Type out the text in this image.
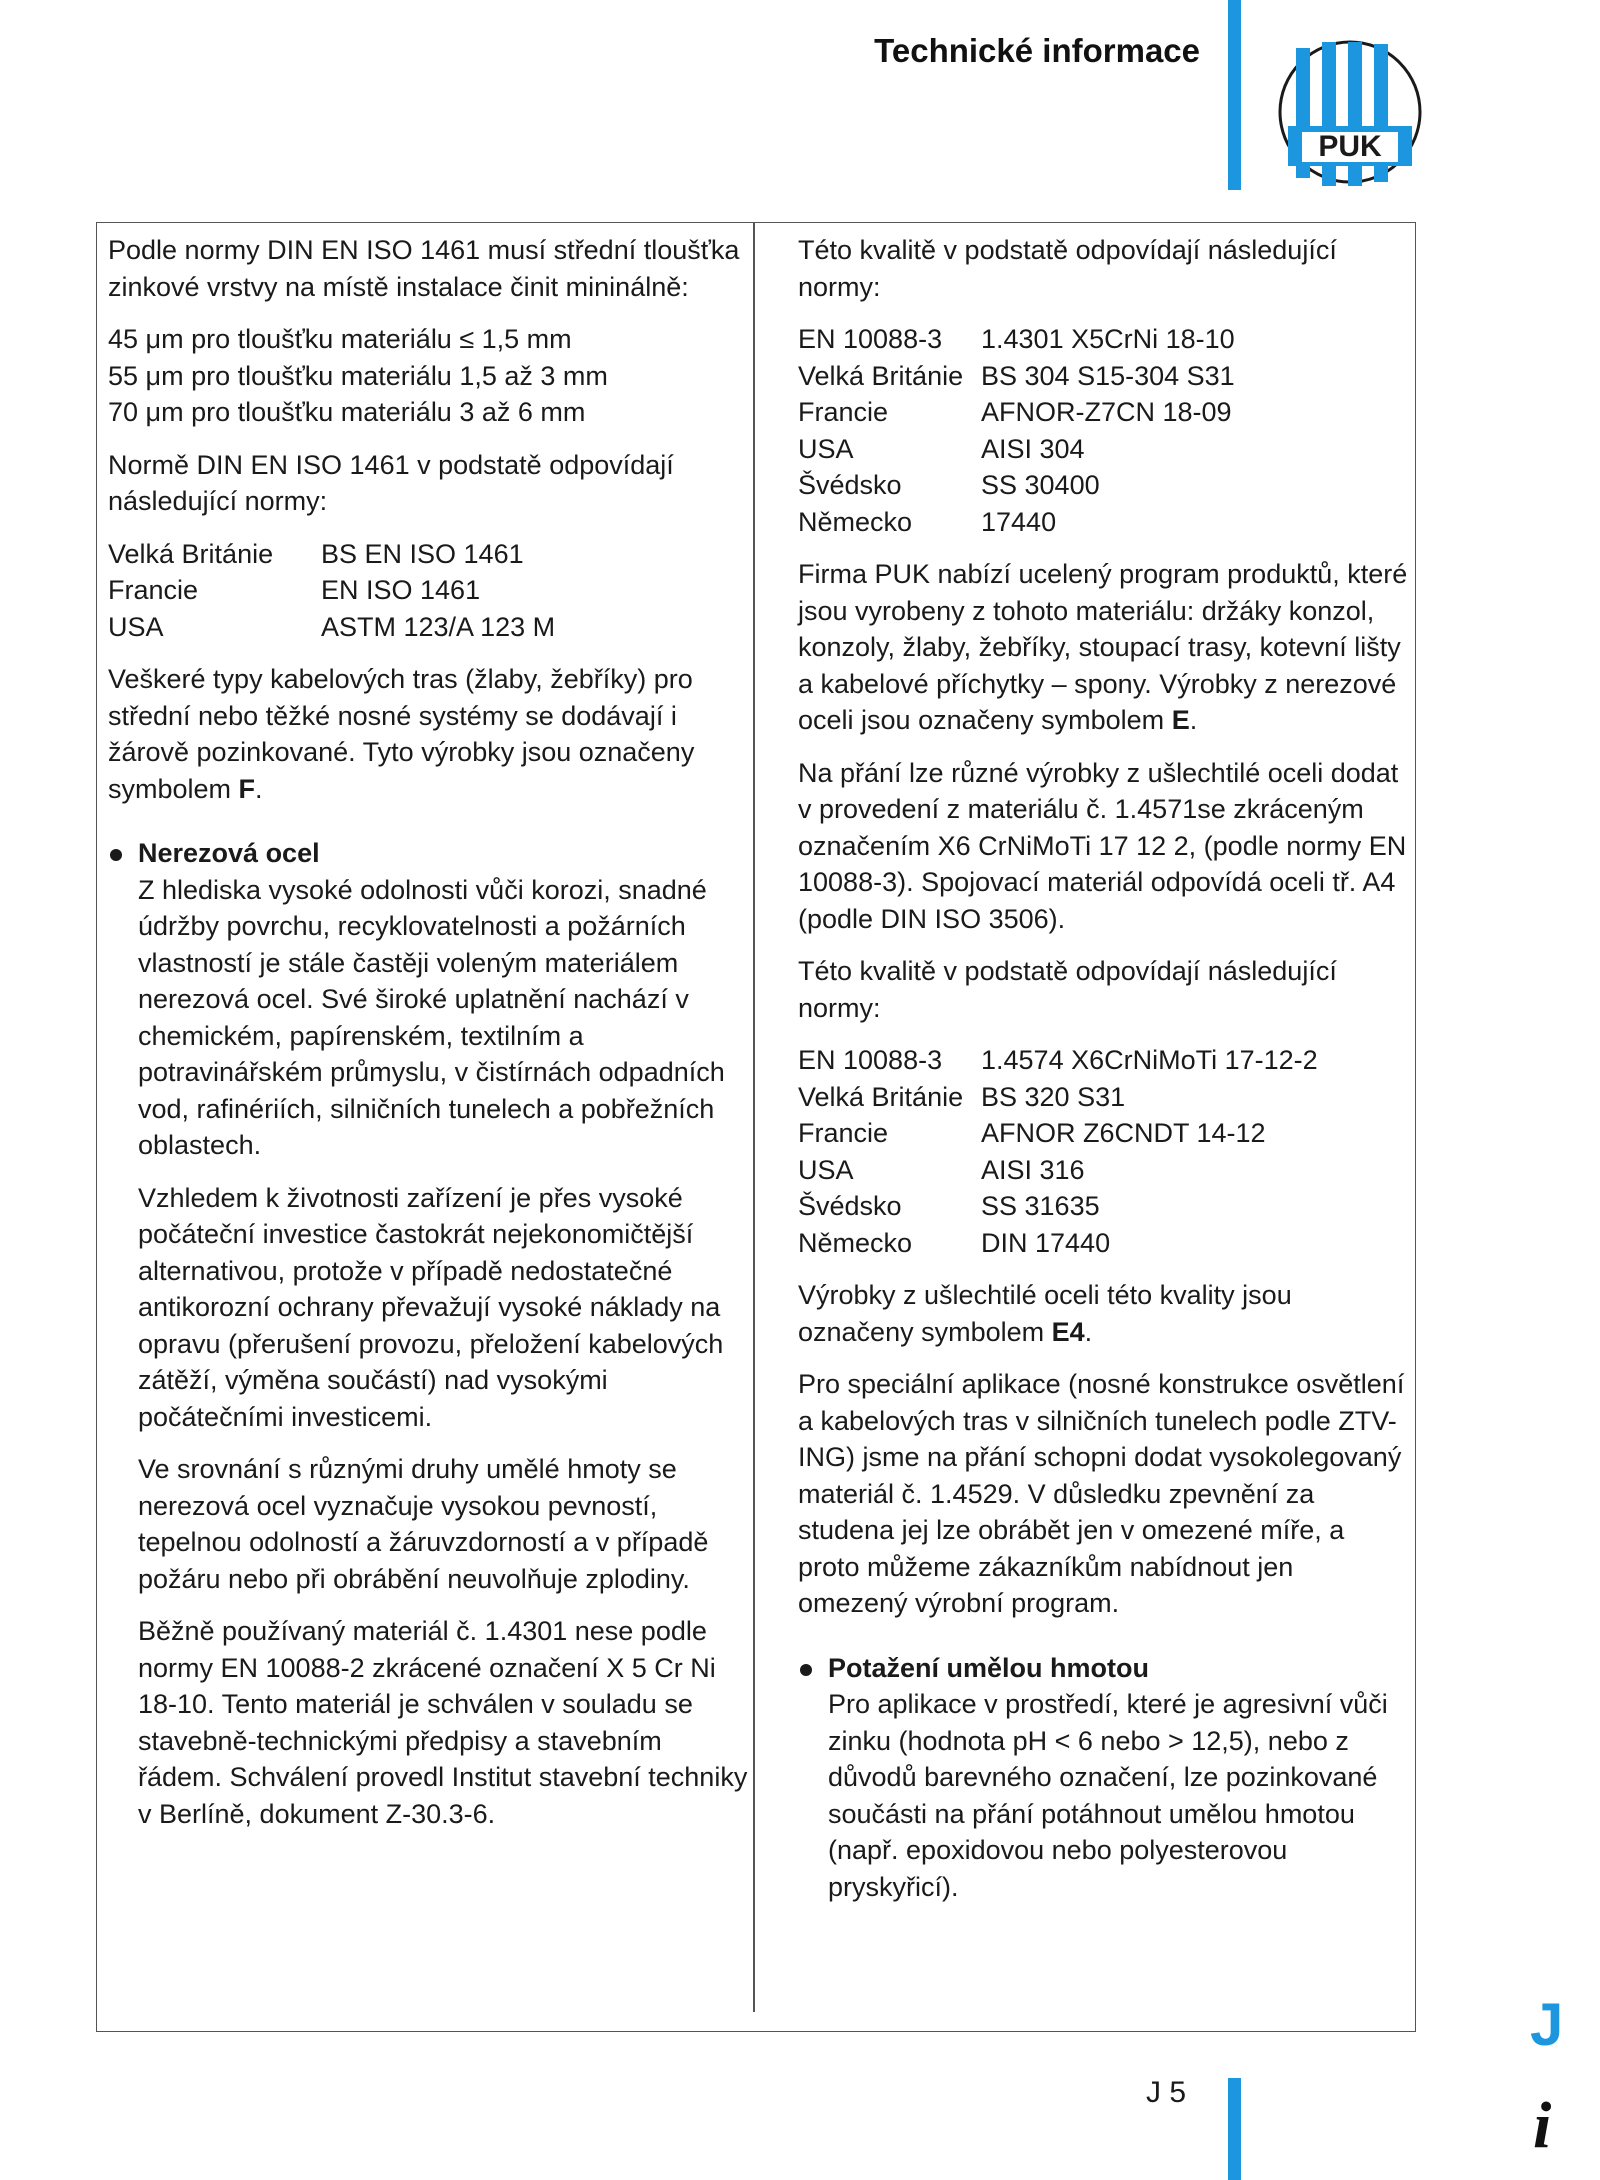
Technické informace
PUK

Podle normy DIN EN ISO 1461 musí střední tloušťka zinkové vrstvy na místě instalace činit mininálně:

45 μm pro tloušťku materiálu ≤ 1,5 mm
55 μm pro tloušťku materiálu 1,5 až 3 mm
70 μm pro tloušťku materiálu 3 až 6 mm

Normě DIN EN ISO 1461 v podstatě odpovídají následující normy:

Velká Británie	BS EN ISO 1461
Francie	EN ISO 1461
USA	ASTM 123/A 123 M

Veškeré typy kabelových tras (žlaby, žebříky) pro střední nebo těžké nosné systémy se dodávají i žárově pozinkované. Tyto výrobky jsou označeny symbolem F.

Nerezová ocel
Z hlediska vysoké odolnosti vůči korozi, snadné údržby povrchu, recyklovatelnosti a požárních vlastností je stále častěji voleným materiálem nerezová ocel. Své široké uplatnění nachází v chemickém, papírenském, textilním a potravinářském průmyslu, v čistírnách odpadních vod, rafinériích, silničních tunelech a pobřežních oblastech.

Vzhledem k životnosti zařízení je přes vysoké počáteční investice častokrát nejekonomičtější alternativou, protože v případě nedostatečné antikorozní ochrany převažují vysoké náklady na opravu (přerušení provozu, přeložení kabelových zátěží, výměna součástí) nad vysokými počátečními investicemi.

Ve srovnání s různými druhy umělé hmoty se nerezová ocel vyznačuje vysokou pevností, tepelnou odolností a žáruvzdorností a v případě požáru nebo při obrábění neuvolňuje zplodiny.

Běžně používaný materiál č. 1.4301 nese podle normy EN 10088-2 zkrácené označení X 5 Cr Ni 18-10. Tento materiál je schválen v souladu se stavebně-technickými předpisy a stavebním řádem. Schválení provedl Institut stavební techniky v Berlíně, dokument Z-30.3-6.

Této kvalitě v podstatě odpovídají následující normy:

EN 10088-3	1.4301 X5CrNi 18-10
Velká Británie BS 304 S15-304 S31
Francie	AFNOR-Z7CN 18-09
USA	AISI 304
Švédsko	SS 30400
Německo	17440

Firma PUK nabízí ucelený program produktů, které jsou vyrobeny z tohoto materiálu: držáky konzol, konzoly, žlaby, žebříky, stoupací trasy, kotevní lišty a kabelové příchytky – spony. Výrobky z nerezové oceli jsou označeny symbolem E.

Na přání lze různé výrobky z ušlechtilé oceli dodat v provedení z materiálu č. 1.4571se zkráceným označením X6 CrNiMoTi 17 12 2, (podle normy EN 10088-3). Spojovací materiál odpovídá oceli tř. A4 (podle DIN ISO 3506).

Této kvalitě v podstatě odpovídají následující normy:

EN 10088-3	1.4574 X6CrNiMoTi 17-12-2
Velká Británie BS 320 S31
Francie	AFNOR Z6CNDT 14-12
USA	AISI 316
Švédsko	SS 31635
Německo	DIN 17440

Výrobky z ušlechtilé oceli této kvality jsou označeny symbolem E4.

Pro speciální aplikace (nosné konstrukce osvětlení a kabelových tras v silničních tunelech podle ZTV-ING) jsme na přání schopni dodat vysokolegovaný materiál č. 1.4529. V důsledku zpevnění za studena jej lze obrábět jen v omezené míře, a proto můžeme zákazníkům nabídnout jen omezený výrobní program.

Potažení umělou hmotou
Pro aplikace v prostředí, které je agresivní vůči zinku (hodnota pH < 6 nebo > 12,5), nebo z důvodů barevného označení, lze pozinkované součásti na přání potáhnout umělou hmotou (např. epoxidovou nebo polyesterovou pryskyřicí).
J 5
J
i
